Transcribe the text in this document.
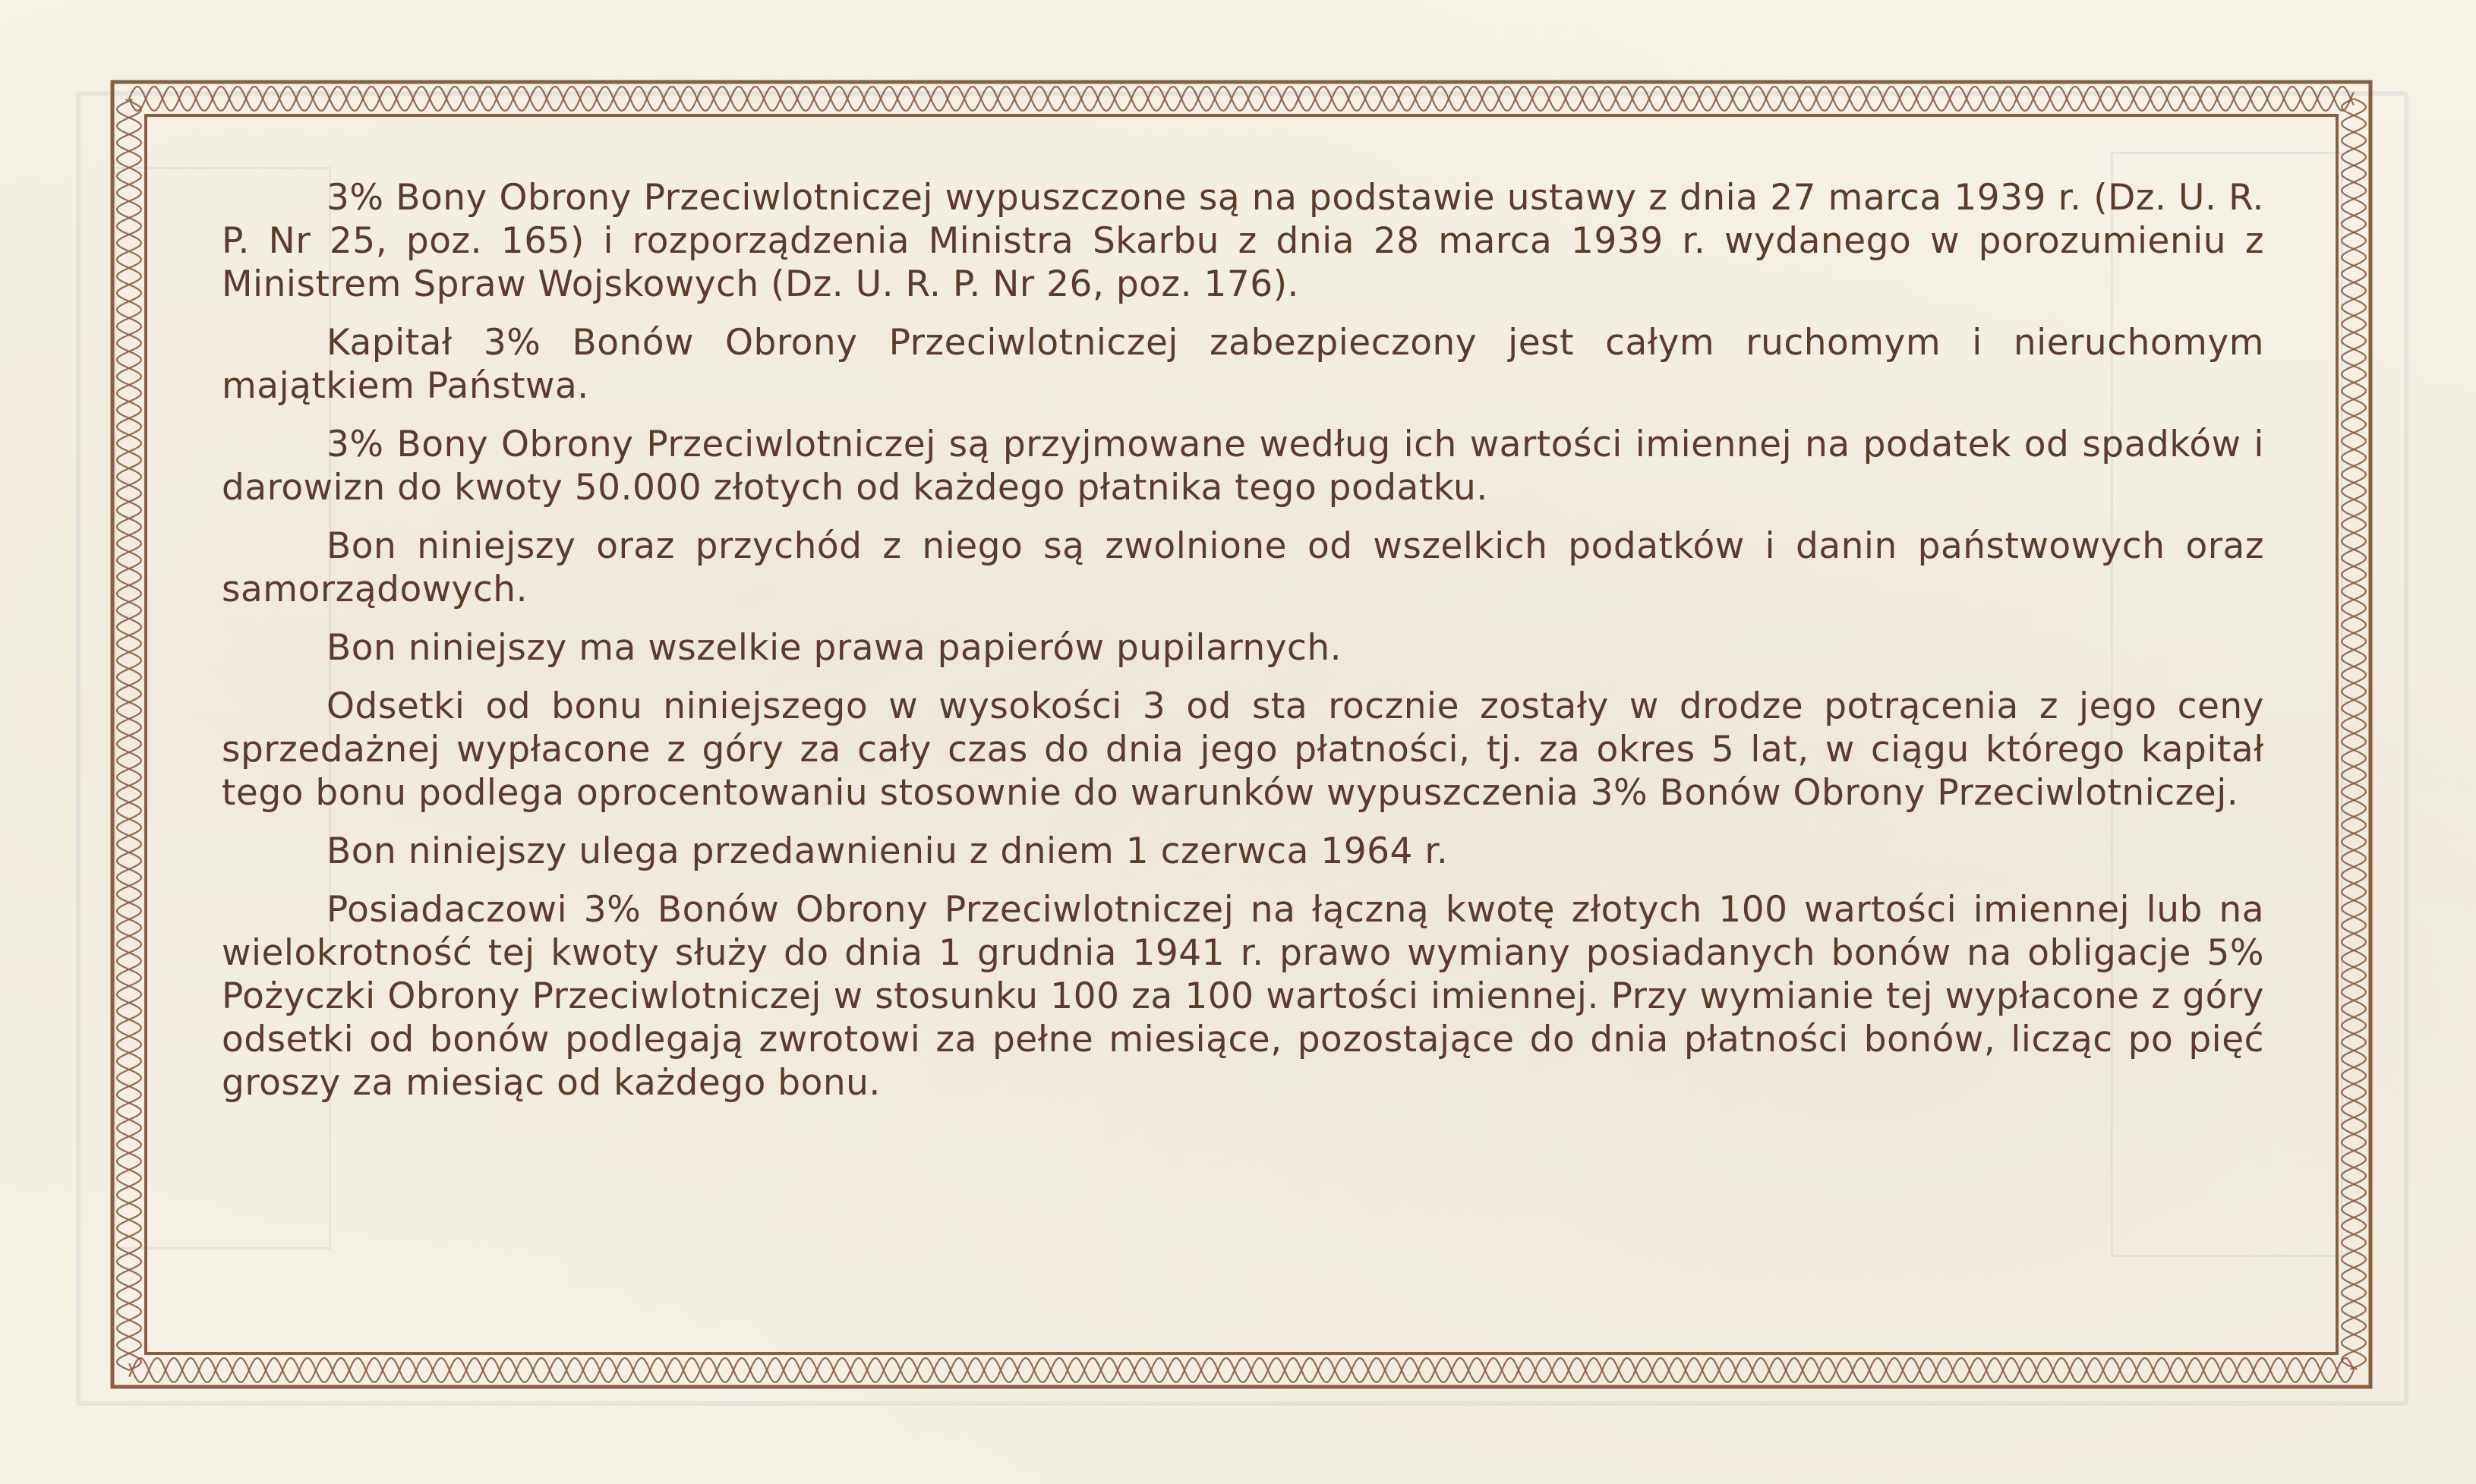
3% Bony Obrony Przeciwlotniczej wypuszczone są na podstawie ustawy z dnia 27 marca 1939 r. (Dz. U. R. P. Nr 25, poz. 165) i rozporządzenia Ministra Skarbu z dnia 28 marca 1939 r. wydanego w porozumieniu z Ministrem Spraw Wojskowych (Dz. U. R. P. Nr 26, poz. 176).

Kapitał 3% Bonów Obrony Przeciwlotniczej zabezpieczony jest całym ruchomym i nieruchomym majątkiem Państwa.

3% Bony Obrony Przeciwlotniczej są przyjmowane według ich wartości imiennej na podatek od spadków i darowizn do kwoty 50.000 złotych od każdego płatnika tego podatku.

Bon niniejszy oraz przychód z niego są zwolnione od wszelkich podatków i danin państwowych oraz samorządowych.

Bon niniejszy ma wszelkie prawa papierów pupilarnych.

Odsetki od bonu niniejszego w wysokości 3 od sta rocznie zostały w drodze potrącenia z jego ceny sprzedażnej wypłacone z góry za cały czas do dnia jego płatności, tj. za okres 5 lat, w ciągu którego kapitał tego bonu podlega oprocentowaniu stosownie do warunków wypuszczenia 3% Bonów Obrony Przeciwlotniczej.

Bon niniejszy ulega przedawnieniu z dniem 1 czerwca 1964 r.

Posiadaczowi 3% Bonów Obrony Przeciwlotniczej na łączną kwotę złotych 100 wartości imiennej lub na wielokrotność tej kwoty służy do dnia 1 grudnia 1941 r. prawo wymiany posiadanych bonów na obligacje 5% Pożyczki Obrony Przeciwlotniczej w stosunku 100 za 100 wartości imiennej. Przy wymianie tej wypłacone z góry odsetki od bonów podlegają zwrotowi za pełne miesiące, pozostające do dnia płatności bonów, licząc po pięć groszy za miesiąc od każdego bonu.
